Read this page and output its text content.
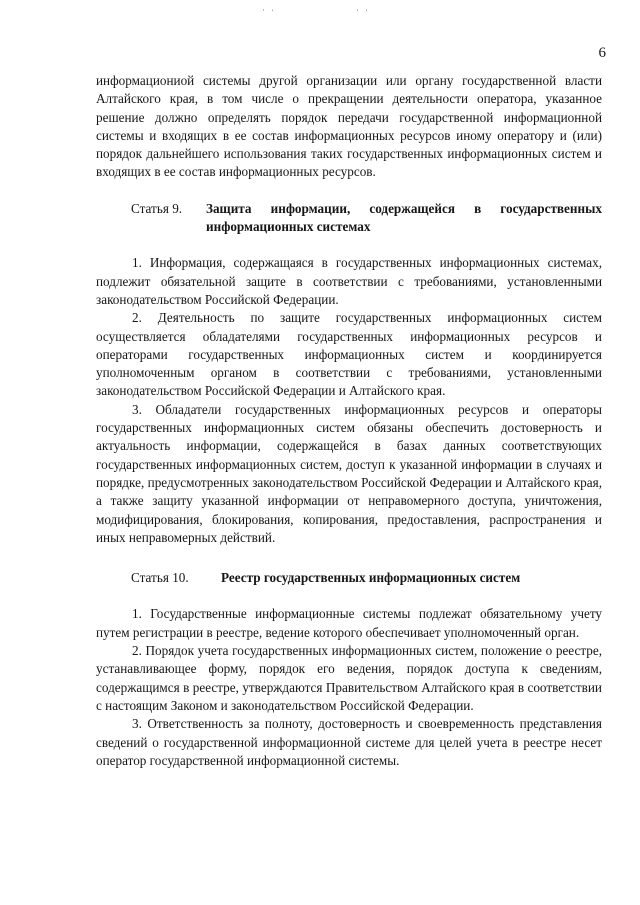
˙ ˈ	ˈ ˈ
6

информациониой системы другой организации или органу государственной власти Алтайского края, в том числе о прекращении деятельности оператора, указанное решение должно определять порядок передачи государственной информационной системы и входящих в ее состав информационных ресурсов иному оператору и (или) порядок дальнейшего использования таких государственных информационных систем и входящих в ее состав информационных ресурсов.

Статья 9.	Защита информации, содержащейся в государственных информационных системах

1. Информация, содержащаяся в государственных информационных системах, подлежит обязательной защите в соответствии с требованиями, установленными законодательством Российской Федерации.

2. Деятельность по защите государственных информационных систем осуществляется обладателями государственных информационных ресурсов и операторами государственных информационных систем и координируется уполномоченным органом в соответствии с требованиями, установленными законодательством Российской Федерации и Алтайского края.

3. Обладатели государственных информационных ресурсов и операторы государственных информационных систем обязаны обеспечить достоверность и актуальность информации, содержащейся в базах данных соответствующих государственных информационных систем, доступ к указанной информации в случаях и порядке, предусмотренных законодательством Российской Федерации и Алтайского края, а также защиту указанной информации от неправомерного доступа, уничтожения, модифицирования, блокирования, копирования, предоставления, распространения и иных неправомерных действий.

Статья 10.	Реестр государственных информационных систем

1. Государственные информационные системы подлежат обязательному учету путем регистрации в реестре, ведение которого обеспечивает уполномоченный орган.

2. Порядок учета государственных информационных систем, положение о реестре, устанавливающее форму, порядок его ведения, порядок доступа к сведениям, содержащимся в реестре, утверждаются Правительством Алтайского края в соответствии с настоящим Законом и законодательством Российской Федерации.

3. Ответственность за полноту, достоверность и своевременность представления сведений о государственной информационной системе для целей учета в реестре несет оператор государственной информационной системы.
